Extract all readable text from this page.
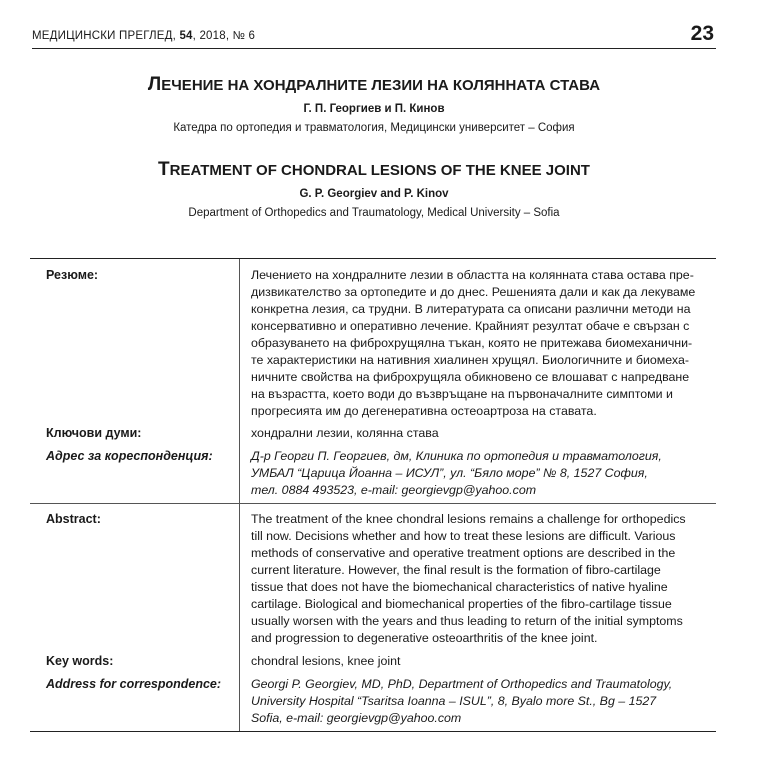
МЕДИЦИНСКИ ПРЕГЛЕД, 54, 2018, № 6	23
ЛЕЧЕНИЕ НА ХОНДРАЛНИТЕ ЛЕЗИИ НА КОЛЯННАТА СТАВА
Г. П. Георгиев и П. Кинов
Катедра по ортопедия и травматология, Медицински университет – София
TREATMENT OF CHONDRAL LESIONS OF THE KNEE JOINT
G. P. Georgiev and P. Kinov
Department of Orthopedics and Traumatology, Medical University – Sofia
Резюме:	Лечението на хондралните лезии в областта на колянната става остава пре-
дизвикателство за ортопедите и до днес. Решенията дали и как да лекуваме
конкретна лезия, са трудни. В литературата са описани различни методи на
консервативно и оперативно лечение. Крайният резултат обаче е свързан с
образуването на фиброхрущялна тъкан, която не притежава биомеханични-
те характеристики на нативния хиалинен хрущял. Биологичните и биомеха-
ничните свойства на фиброхрущяла обикновено се влошават с напредване
на възрастта, което води до възвръщане на първоначалните симптоми и
прогресията им до дегенеративна остеоартроза на ставата.
Ключови думи:	хондрални лезии, колянна става
Адрес за кореспонденция:	Д-р Георги П. Георгиев, дм, Клиника по ортопедия и травматология,
УМБАЛ “Царица Йоанна – ИСУЛ”, ул. “Бяло море” № 8, 1527 София,
тел. 0884 493523, e-mail: georgievgp@yahoo.com
Abstract:	The treatment of the knee chondral lesions remains a challenge for orthopedics
till now. Decisions whether and how to treat these lesions are difficult. Various
methods of conservative and operative treatment options are described in the
current literature. However, the final result is the formation of fibro-cartilage
tissue that does not have the biomechanical characteristics of native hyaline
cartilage. Biological and biomechanical properties of the fibro-cartilage tissue
usually worsen with the years and thus leading to return of the initial symptoms
and progression to degenerative osteoarthritis of the knee joint.
Key words:	chondral lesions, knee joint
Address for correspondence: Georgi P. Georgiev, MD, PhD, Department of Orthopedics and Traumatology,
University Hospital “Tsaritsa Ioanna – ISUL”, 8, Byalo more St., Bg – 1527
Sofia, e-mail: georgievgp@yahoo.com
